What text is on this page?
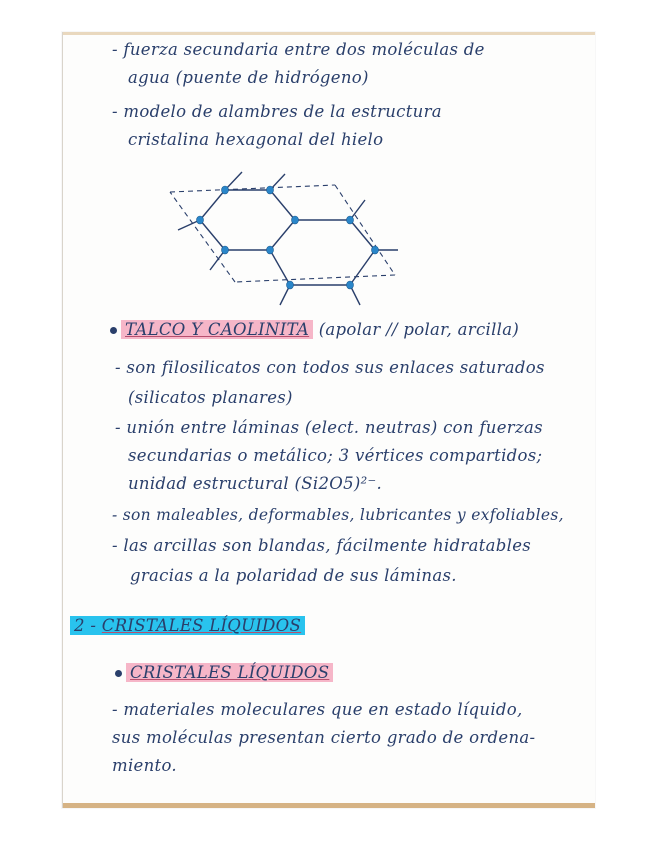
- fuerza secundaria entre dos moléculas de
agua (puente de hidrógeno)
- modelo de alambres de la estructura
cristalina hexagonal del hielo
TALCO Y CAOLINITA (apolar // polar, arcilla)
- son filosilicatos con todos sus enlaces saturados
(silicatos planares)
- unión entre láminas (elect. neutras) con fuerzas
secundarias o metálico; 3 vértices compartidos;
unidad estructural (Si2O5)²⁻.
- son maleables, deformables, lubricantes y exfoliables,
- las arcillas son blandas, fácilmente hidratables
gracias a la polaridad de sus láminas.
2 - CRISTALES LÍQUIDOS
CRISTALES LÍQUIDOS
- materiales moleculares que en estado líquido,
sus moléculas presentan cierto grado de ordena-
miento.
